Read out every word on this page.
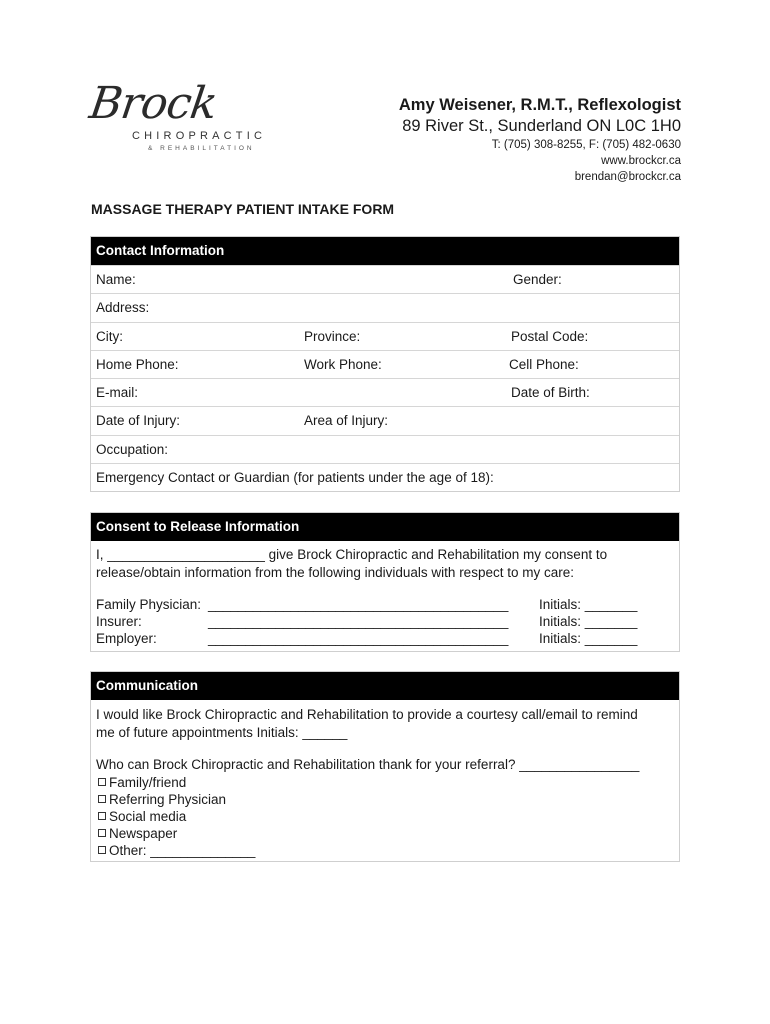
Brock
CHIROPRACTIC
& REHABILITATION
Amy Weisener, R.M.T., Reflexologist
89 River St., Sunderland ON L0C 1H0
T: (705) 308-8255, F: (705) 482-0630
www.brockcr.ca
brendan@brockcr.ca
MASSAGE THERAPY PATIENT INTAKE FORM
Contact Information
Name:	Gender:
Address:
City:	Province:	Postal Code:
Home Phone:	Work Phone:	Cell Phone:
E-mail:	Date of Birth:
Date of Injury:	Area of Injury:
Occupation:
Emergency Contact or Guardian (for patients under the age of 18):
Consent to Release Information
I, _____________________ give Brock Chiropractic and Rehabilitation my consent to release/obtain information from the following individuals with respect to my care:
Family Physician: ________________________________________ Initials: _______
Insurer:	________________________________________ Initials: _______
Employer:	________________________________________ Initials: _______
Communication
I would like Brock Chiropractic and Rehabilitation to provide a courtesy call/email to remind me of future appointments Initials: ______
Who can Brock Chiropractic and Rehabilitation thank for your referral? ________________
Family/friend
Referring Physician
Social media
Newspaper
Other: ______________
